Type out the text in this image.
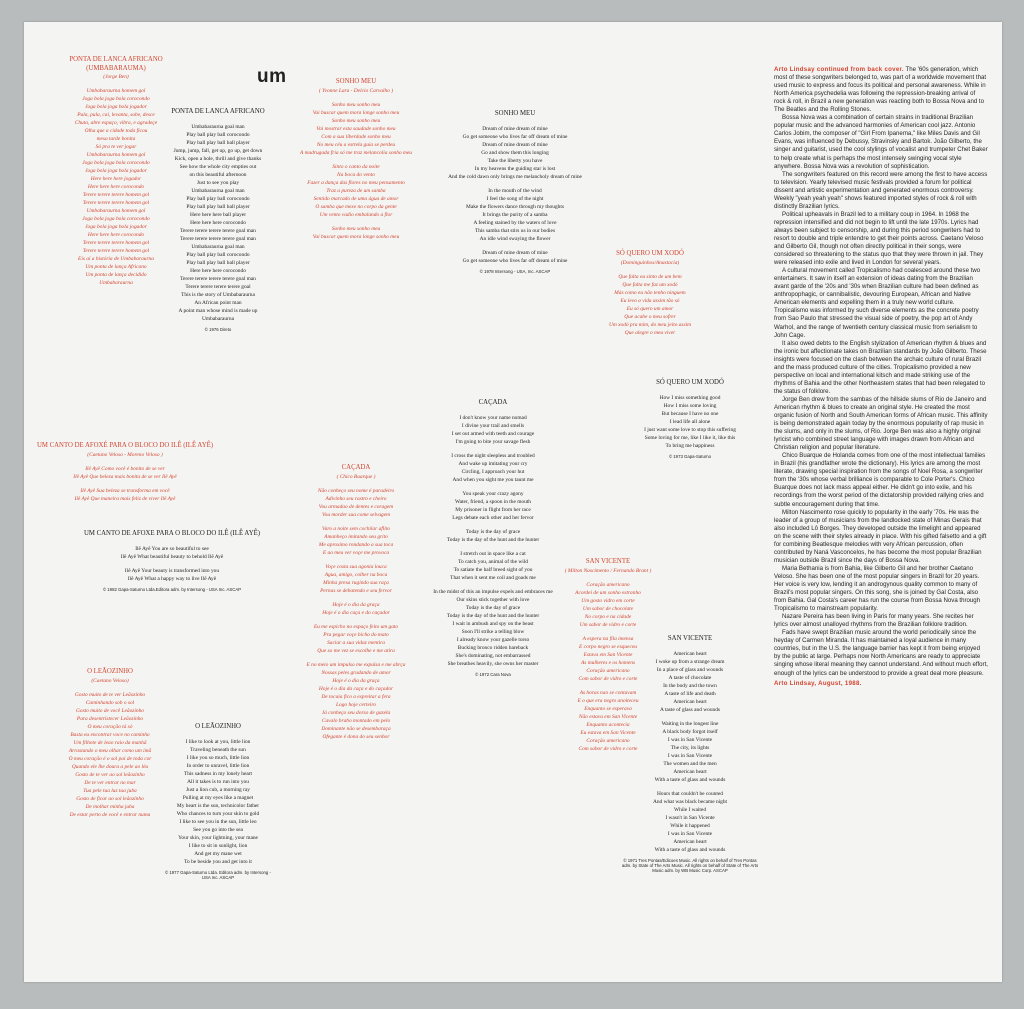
um
PONTA DE LANCA AFRICANO (UMBABARAUMA)
(Jorge Ben)
Umbabaraurna homem gol
Joga bola joga bola corocondo
Joga bola joga bola jogador
Pula, pula, cai, levanta, sobe, desce
Chuta, abre espaço, vibra, e agradeçe
Olha que a cidade toda ficou
mesa tarde bonita
Só pra te ver jogar
Umbabaraurna homem gol
Joga bola joga bola corocondo
Joga bola joga bola jogador
Here here here jogador
Here here here corocondo
Terere terere terere homem gol
Terere terere terere homem gol
Umbabaraurna homem gol
Joga bola joga bola corocondo
Joga bola joga bola jogador
Here here here corocondo
Terere terere terere homem gol
Terere terere terere homem gol
Eis aí a história de Umbabaraurna
Um ponta de lança Africano
Um ponta de lança decidido
Umbabaraurna
PONTA DE LANCA AFRICANO
Umbabaraurna goal man
Play ball play ball corocondo
Play ball play ball ball player
Jump, jump, fall, get up, go up, get down
Kick, open a hole, thrill and give thanks
See how the whole city empties out
on this beautiful afternoon
Just to see you play
Umbabaraurna goal man
Play ball play ball corocondo
Play ball play ball ball player
Here here here ball player
Here here here corocondo
Terere terere terere terere goal man
Terere terere terere terere goal man
Umbabaraurna goal man
Play ball play ball corocondo
Play ball play ball ball player
Here here here corocondo
Terere terere terere terere goal man
Terere terere terere terere goal
This is the story of Umbabaraurna
An African point man
A point man whose mind is made up
Umbabaraurna
© 1976 Direto
SONHO MEU
( Yvonne Lara - Delcio Carvalho )
Sonho meu sonho meu
Vai buscar quem mora longe sonho meu
Sonho meu sonho meu
Vai mostrar esta saudade sonho meu
Com a sua liberdade sonho meu
No meu céu a estrela guia se perdeu
A madrugada fria só me traz melancolia sonho meu
Sinto o canto da noite
Na boca do vento
Fazer a dança das flores no meu pensamento
Traz a pureza de um samba
Sentido marcado de uma água de amor
O samba que mexe no corpo da gente
Um vento vadio embalando a flor
Sonho meu sonho meu
Vai buscar quem mora longe sonho meu
SONHO MEU
Dream of mine dream of mine
Go get someone who lives far off dream of mine
Dream of mine dream of mine
Go and show them this longing
Take the liberty you have
In my heavens the guiding star is lost
And the cold dawn only brings me melancholy dream of mine
In the mouth of the wind
I feel the song of the night
Make the flowers dance through my thoughts
It brings the purity of a samba
A feeling stained by the waters of love
This samba that stirs us in our bodies
An idle wind swaying the flower
Dream of mine dream of mine
Go get someone who lives far off dream of mine
© 1978 Intersong - USA, Inc. ASCAP
SÓ QUERO UM XODÓ
(Dominguinhos/Anastacia)
Que falta eu sinto de um bem
Que falta me faz um xodó
Más como eu não tenho ninguem
Eu levo a vida assim tão só
Eu só quero um amor
Que acabe o meu sofrer
Um xodó pra mim, do meu jeito assim
Que alegre o meu viver
SÓ QUERO UM XODÓ
How I miss something good
How I miss some loving
But because I have no one
I lead life all alone
I just want some love to stop this suffering
Some loving for me, like I like it, like this
To bring me happiness
© 1973 Gapa-Saturno
UM CANTO DE AFOXÉ PARA O BLOCO DO ILÊ (ILÊ AYÊ)
(Caetano Veloso - Moreno Veloso )
Ilê Ayê Como você é bonito de se ver
Ilê Ayê Que beleza mais bonita de se ver Ilê Ayê
Ilê Ayê Sua beleza se transforma em você
Ilê Ayê Que maneira mais feliz de viver Ilê Ayê
UM CANTO DE AFOXE PARA O BLOCO DO ILÊ (ILÊ AYÊ)
Ilê Ayê You are so beautiful to see
Ilê Ayê What beautiful beauty to behold Ilê Ayê
Ilê Ayê Your beauty is transformed into you
Ilê Ayê What a happy way to live Ilê Ayê
© 1982 Gapa-Saturno Ltda.Editora adm. by Intersong - USA Inc. ASCAP
CAÇADA
( Chico Buarque )
Não conheço seu nome é paradeiro
Adivinho seu rastro e cheiro
Vou armadao de dentes e coragem
Vou morder sua come selvagem
Varo a noite sem cochilar aflito
Amanheço imitando seu grito
Me aproximo rondando a sua toca
E ao meu ver voçe me provoca
Voçe costa sua agonia louca
Agua, amigo, colher na boca
Minha presa rugindo sua raça
Pernas se debatendo e seu fervor
Hoje é o dia da graça
Hoje é o dia caça e do caçador
Eu me espicho no espaço feito um gato
Pra pegar voçe bicho do mato
Saciar a sua vidaz mentira
Que so me vez se escolhe e me atira
E no meio um impulso me expulsa e me abrça
Nossas peles grudando de amor
Hoje é o dia da graça
Hoje é o dia da caça e do caçador
De tocaia fico a espreitar a fera
Logo hoje certeiro
Já conheço seu dorso de gazela
Cavalo brabo montado em pelo
Dominante não se desembaraça
Ofegante é dona do seu senhor
CAÇADA
I don't know your name nomad
I divine your trail and smells
I set out armed with teeth and courage
I'm going to bite your savage flesh
I cross the night sleepless and troubled
And wake up imitating your cry
Circling, I approach your hut
And when you sight me you taunt me
You speak your crazy agony
Water, friend, a spoon in the mouth
My prisoner in flight from her race
Legs debate each other and her fervor
Today is the day of grace
Today is the day of the hunt and the hunter
I stretch out in space like a cat
To catch you, animal of the wild
To satiate the half breed sight of you
That when it sent me coil and goads me
In the midst of this an impulse expels and embraces me
Our skins stick together with love
Today is the day of grace
Today is the day of the hunt and the hunter
I wait in ambush and spy on the beast
Soon I'll strike a telling blow
I already know your gazelle torso
Bucking bronco ridden bareback
She's dominating, not embarrassed
She breathes heavily, she owns her master
© 1972 Cara Nova
O LEÃOZINHO
(Caetano Veloso)
Gosto muito de te ver Leãozinho
Caminhando sob o sol
Gosto muito de você Leãozinho
Para desentristecer Leãozinho
O meu coração tá só
Basta eu encontrar voce no caminho
Um filhote de leao raio da manhã
Arrastando o meu olhar como um imã
O meu coração é o sol pai de toda cor
Quando ele lhe doura a pele ao léu
Gosto de te ver ao sol leãozinho
De te ver entrar no mar
Tua pele tua luz tua juba
Gosto de ficar ao sol leãozinho
De molhar minha juba
De estar perto de você e entrar numa
O LEÃOZINHO
I like to look at you, little lion
Traveling beneath the sun
I like you so much, little lion
In order to unravel, little lion
This sadness in my lonely heart
All it takes is to run into you
Just a lion cub, a morning ray
Pulling at my eyes like a magnet
My heart is the sun, technicolor father
Who chances to turn your skin to gold
I like to see you in the sun, little leo
See you go into the sea
Your skin, your lightning, your mane
I like to sit in sunlight, lion
And get my mane wet
To be beside you and get into it
© 1977 Gapa-Saturno Ltda. Editora adm. by Intersong - USA Inc. ASCAP
SAN VICENTE
( Milton Nascimento / Fernando Brant )
Coração americano
Acordei de um sonho estranho
Um gosto vidro em corte
Um sabor de chocolate
No corpo e na cidade
Um sabor de vidro e corte
A espera na fila imensa
E corpo negro se esqueceu
Estava em San Vicente
As mulheres e os homens
Coração americano
Com sabor de vidro e corte
As horas nao se contavam
E o que era negro anoiteceu
Enquanto se esperava
Não estava em San Vicente
Enquanto acontecia
Eu estava em San Vicente
Coração americano
Com sabor de vidro e corte
SAN VICENTE
American heart
I woke up from a strange dream
In a place of glass and wounds
A taste of chocolate
In the body and the town
A taste of life and death
American heart
A taste of glass and wounds
Waiting in the longest line
A black body forgot itself
I was in San Vicente
The city, its lights
I was in San Vicente
The women and the men
American heart
With a taste of glass and wounds
Hours that couldn't be counted
And what was black became night
While I waited
I wasn't in San Vicente
While it happened
I was in San Vicente
American heart
With a taste of glass and wounds
© 1971 Tres Pontas/Edicoes Music. All rights on behalf of Tres Pontas adm. by State of The Arts Music. All rights on behalf of State of The Arts Music adm. by WB Music Corp. ASCAP

Arto Lindsay continued from back cover. The '60s generation, which most of these songwriters belonged to, was part of a worldwide movement that used music to express and focus its political and personal awareness. While in North America psychedelia was following the repression-breaking arrival of rock & roll, in Brazil a new generation was reacting both to Bossa Nova and to The Beatles and the Rolling Stones.

Bossa Nova was a combination of certain strains in traditional Brazilian popular music and the advanced harmonies of American cool jazz. Antonio Carlos Jobim, the composer of "Girl From Ipanema," like Miles Davis and Gil Evans, was influenced by Debussy, Stravinsky and Bartok. João Gilberto, the singer and guitarist, used the cool stylings of vocalist and trumpeter Chet Baker to help create what is perhaps the most intensely swinging vocal style anywhere. Bossa Nova was a revolution of sophistication.

The songwriters featured on this record were among the first to have access to television. Yearly televised music festivals provided a forum for political dissent and artistic experimentation and generated enormous controversy. Weekly "yeah yeah yeah" shows featured imported styles of rock & roll with distinctly Brazilian lyrics.

Political upheavals in Brazil led to a military coup in 1964. In 1968 the repression intensified and did not begin to lift until the late 1970s. Lyrics had always been subject to censorship, and during this period songwriters had to resort to double and triple entendre to get their points across. Caetano Veloso and Gilberto Gil, though not often directly political in their songs, were considered so threatening to the status quo that they were thrown in jail. They were released into exile and lived in London for several years.

A cultural movement called Tropicalismo had coalesced around these two entertainers. It saw in itself an extension of ideas dating from the Brazilian avant garde of the '20s and '30s when Brazilian culture had been defined as anthropophagic, or cannibalistic, devouring European, African and Native American elements and expelling them in a truly new world culture. Tropicalismo was informed by such diverse elements as the concrete poetry from Sao Paulo that stressed the visual side of poetry, the pop art of Andy Warhol, and the range of twentieth century classical music from serialism to John Cage.

It also owed debts to the English stylization of American rhythm & blues and the ironic but affectionate takes on Brazilian standards by João Gilberto. These insights were focused on the clash between the archaic culture of rural Brazil and the mass produced culture of the cities. Tropicalismo provided a new perspective on local and international kitsch and made striking use of the rhythms of Bahia and the other Northeastern states that had been relegated to the status of folklore.

Jorge Ben drew from the sambas of the hillside slums of Rio de Janeiro and American rhythm & blues to create an original style. He created the most organic fusion of North and South American forms of African music. This affinity is being demonstrated again today by the enormous popularity of rap music in the slums, and only in the slums, of Rio. Jorge Ben was also a highly original lyricist who combined street language with images drawn from African and Christian religion and popular literature.

Chico Buarque de Holanda comes from one of the most intellectual families in Brazil (his grandfather wrote the dictionary). His lyrics are among the most literate, drawing special inspiration from the songs of Noel Rosa, a songwriter from the '30s whose verbal brilliance is comparable to Cole Porter's. Chico Buarque does not lack mass appeal either. He didn't go into exile, and his recordings from the worst period of the dictatorship provided rallying cries and subtle encouragement during that time.

Milton Nascimento rose quickly to popularity in the early '70s. He was the leader of a group of musicians from the landlocked state of Minas Gerais that also included Lô Borges. They developed outside the limelight and appeared on the scene with their styles already in place. With his gifted falsetto and a gift for combining Beatlesque melodies with very African percussion, often contributed by Naná Vasconcelos, he has become the most popular Brazilian musician outside Brazil since the days of Bossa Nova.

Maria Bethania is from Bahia, like Gilberto Gil and her brother Caetano Veloso. She has been one of the most popular singers in Brazil for 20 years. Her voice is very low, lending it an androgynous quality common to many of Brazil's most popular singers. On this song, she is joined by Gal Costa, also from Bahia. Gal Costa's career has run the course from Bossa Nova through Tropicalismo to mainstream popularity.

Nazare Pereira has been living in Paris for many years. She recites her lyrics over almost unalloyed rhythms from the Brazilian folklore tradition.

Fads have swept Brazilian music around the world periodically since the heyday of Carmen Miranda. It has maintained a loyal audience in many countries, but in the U.S. the language barrier has kept it from being enjoyed by the public at large. Perhaps now North Americans are ready to appreciate singing whose literal meaning they cannot understand. And without much effort, enough of the lyrics can be understood to provide a great deal more pleasure.

Arto Lindsay, August, 1988.
